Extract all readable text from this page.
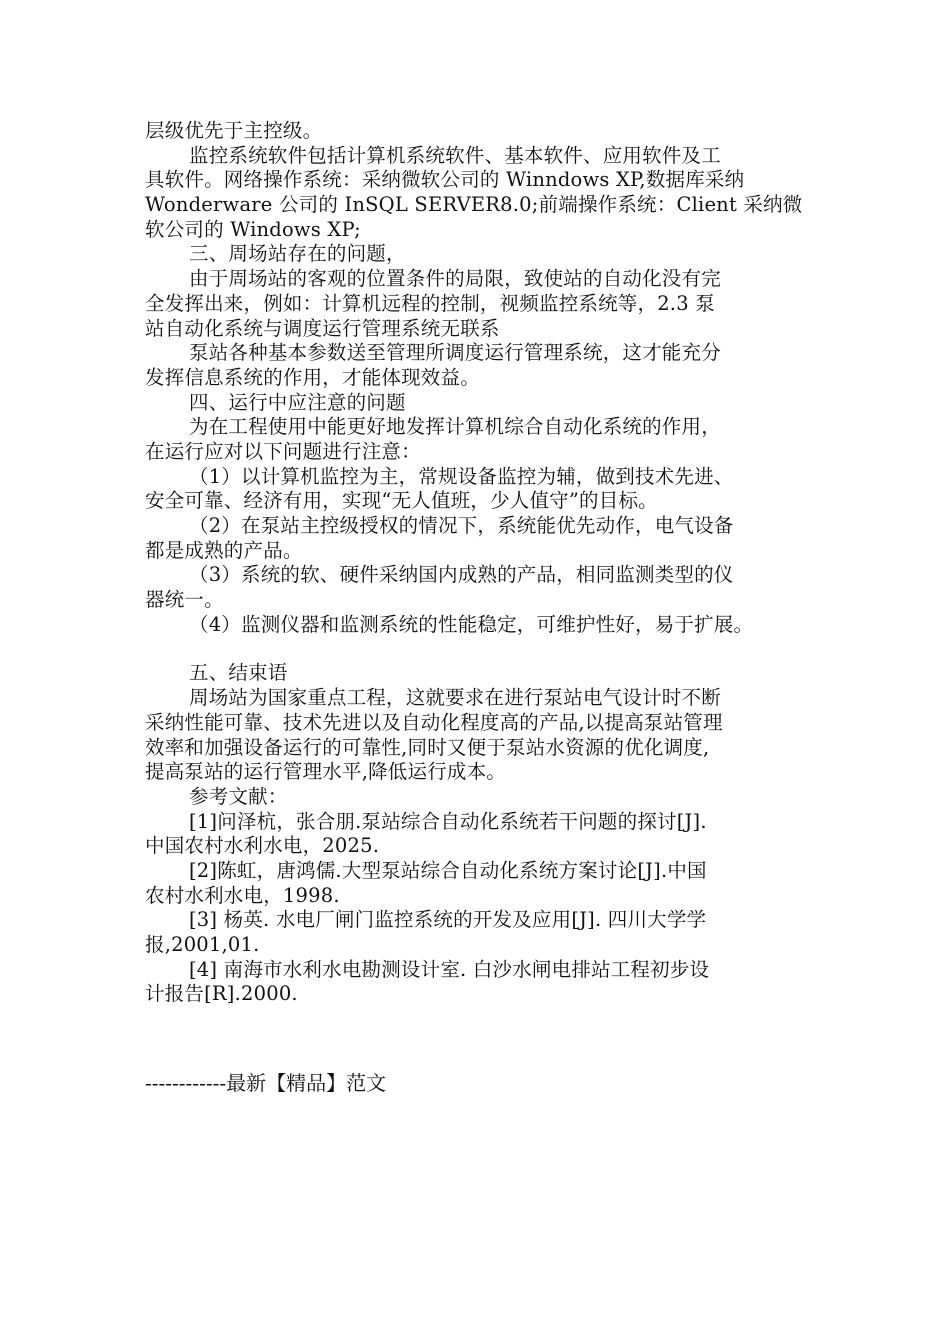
层级优先于主控级。
监控系统软件包括计算机系统软件、基本软件、应用软件及工
具软件。网络操作系统：采纳微软公司的 Winndows XP,数据库采纳
Wonderware 公司的 InSQL SERVER8.0;前端操作系统：Client 采纳微
软公司的 Windows XP;
三、周场站存在的问题，
由于周场站的客观的位置条件的局限，致使站的自动化没有完
全发挥出来，例如：计算机远程的控制，视频监控系统等，2.3 泵
站自动化系统与调度运行管理系统无联系
泵站各种基本参数送至管理所调度运行管理系统，这才能充分
发挥信息系统的作用，才能体现效益。
四、运行中应注意的问题
为在工程使用中能更好地发挥计算机综合自动化系统的作用，
在运行应对以下问题进行注意：
（1）以计算机监控为主，常规设备监控为辅，做到技术先进、
安全可靠、经济有用，实现“无人值班，少人值守”的目标。
（2）在泵站主控级授权的情况下，系统能优先动作，电气设备
都是成熟的产品。
（3）系统的软、硬件采纳国内成熟的产品，相同监测类型的仪
器统一。
（4）监测仪器和监测系统的性能稳定，可维护性好，易于扩展。
五、结束语
周场站为国家重点工程，这就要求在进行泵站电气设计时不断
采纳性能可靠、技术先进以及自动化程度高的产品,以提高泵站管理
效率和加强设备运行的可靠性,同时又便于泵站水资源的优化调度,
提高泵站的运行管理水平,降低运行成本。
参考文献：
[1]问泽杭，张合朋.泵站综合自动化系统若干问题的探讨[J].
中国农村水利水电，2025.
[2]陈虹，唐鸿儒.大型泵站综合自动化系统方案讨论[J].中国
农村水利水电，1998.
[3] 杨英. 水电厂闸门监控系统的开发及应用[J]. 四川大学学
报,2001,01.
[4] 南海市水利水电勘测设计室. 白沙水闸电排站工程初步设
计报告[R].2000.
------------最新【精品】范文
